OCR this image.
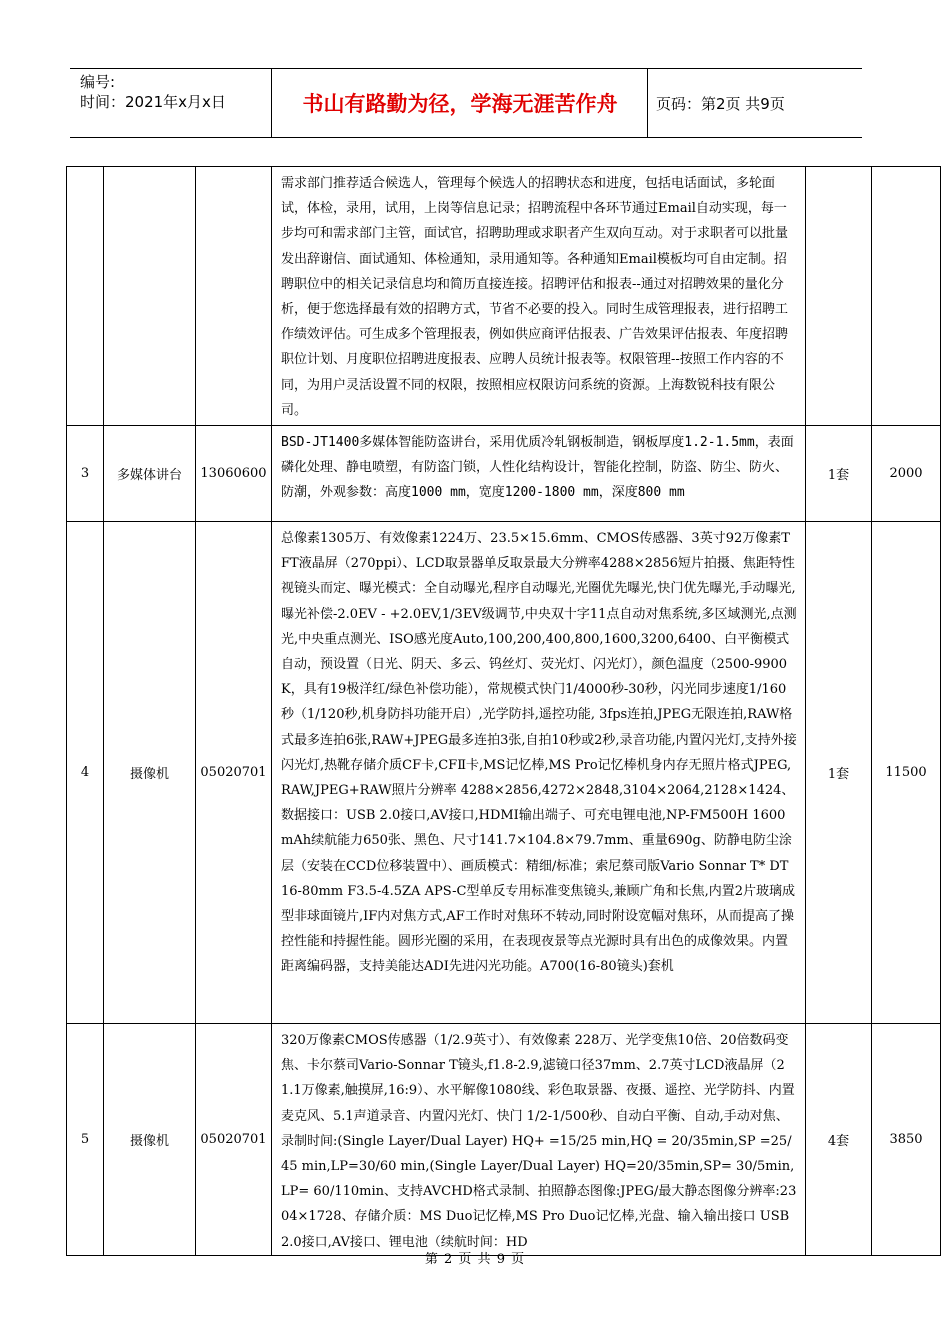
编号:
时间：2021年x月x日	书山有路勤为径，学海无涯苦作舟	页码：第2页 共9页
			需求部门推荐适合候选人，管理每个候选人的招聘状态和进度，包括电话面试，多轮面试，体检，录用，试用，上岗等信息记录；招聘流程中各环节通过Email自动实现，每一步均可和需求部门主管，面试官，招聘助理或求职者产生双向互动。对于求职者可以批量发出辞谢信、面试通知、体检通知，录用通知等。各种通知Email模板均可自由定制。招聘职位中的相关记录信息均和简历直接连接。招聘评估和报表--通过对招聘效果的量化分析，便于您选择最有效的招聘方式，节省不必要的投入。同时生成管理报表，进行招聘工作绩效评估。可生成多个管理报表，例如供应商评估报表、广告效果评估报表、年度招聘职位计划、月度职位招聘进度报表、应聘人员统计报表等。权限管理--按照工作内容的不同，为用户灵活设置不同的权限，按照相应权限访问系统的资源。上海数锐科技有限公司。		
3	多媒体讲台	13060600	BSD-JT1400多媒体智能防盗讲台，采用优质冷轧钢板制造，钢板厚度1.2-1.5mm，表面磷化处理、静电喷塑，有防盗门锁，人性化结构设计，智能化控制，防盗、防尘、防火、防潮，外观参数：高度1000 mm，宽度1200-1800 mm，深度800 mm	1套	2000
4	摄像机	05020701	总像素1305万、有效像素1224万、23.5×15.6mm、CMOS传感器、3英寸92万像素TFT液晶屏（270ppi）、LCD取景器单反取景最大分辨率4288×2856短片拍摄、焦距特性视镜头而定、曝光模式：全自动曝光,程序自动曝光,光圈优先曝光,快门优先曝光,手动曝光,曝光补偿-2.0EV - +2.0EV,1/3EV级调节,中央双十字11点自动对焦系统,多区域测光,点测光,中央重点测光、ISO感光度Auto,100,200,400,800,1600,3200,6400、白平衡模式自动，预设置（日光、阴天、多云、钨丝灯、荧光灯、闪光灯），颜色温度（2500-9900K，具有19极洋红/绿色补偿功能），常规模式快门1/4000秒-30秒，闪光同步速度1/160秒（1/120秒,机身防抖功能开启）,光学防抖,遥控功能, 3fps连拍,JPEG无限连拍,RAW格式最多连拍6张,RAW+JPEG最多连拍3张,自拍10秒或2秒,录音功能,内置闪光灯,支持外接闪光灯,热靴存储介质CF卡,CFⅡ卡,MS记忆棒,MS Pro记忆棒机身内存无照片格式JPEG,RAW,JPEG+RAW照片分辨率 4288×2856,4272×2848,3104×2064,2128×1424、数据接口：USB 2.0接口,AV接口,HDMI输出端子、可充电锂电池,NP-FM500H 1600mAh续航能力650张、黑色、尺寸141.7×104.8×79.7mm、重量690g、防静电防尘涂层（安装在CCD位移装置中）、画质模式：精细/标准；索尼蔡司版Vario Sonnar T* DT 16-80mm F3.5-4.5ZA APS-C型单反专用标准变焦镜头,兼顾广角和长焦,内置2片玻璃成型非球面镜片,IF内对焦方式,AF工作时对焦环不转动,同时附设宽幅对焦环，从而提高了操控性能和持握性能。圆形光圈的采用，在表现夜景等点光源时具有出色的成像效果。内置距离编码器，支持美能达ADI先进闪光功能。A700(16-80镜头)套机	1套	11500
5	摄像机	05020701	320万像素CMOS传感器（1/2.9英寸）、有效像素 228万、光学变焦10倍、20倍数码变焦、卡尔蔡司Vario-Sonnar T镜头,f1.8-2.9,滤镜口径37mm、2.7英寸LCD液晶屏（21.1万像素,触摸屏,16:9）、水平解像1080线、彩色取景器、夜摄、遥控、光学防抖、内置麦克风、5.1声道录音、内置闪光灯、快门 1/2-1/500秒、自动白平衡、自动,手动对焦、录制时间:(Single Layer/Dual Layer) HQ+ =15/25 min,HQ = 20/35min,SP =25/45 min,LP=30/60 min,(Single Layer/Dual Layer) HQ=20/35min,SP= 30/5min,LP= 60/110min、支持AVCHD格式录制、拍照静态图像:JPEG/最大静态图像分辨率:2304×1728、存储介质：MS Duo记忆棒,MS Pro Duo记忆棒,光盘、输入输出接口 USB 2.0接口,AV接口、锂电池（续航时间：HD	4套	3850
第 2 页 共 9 页
